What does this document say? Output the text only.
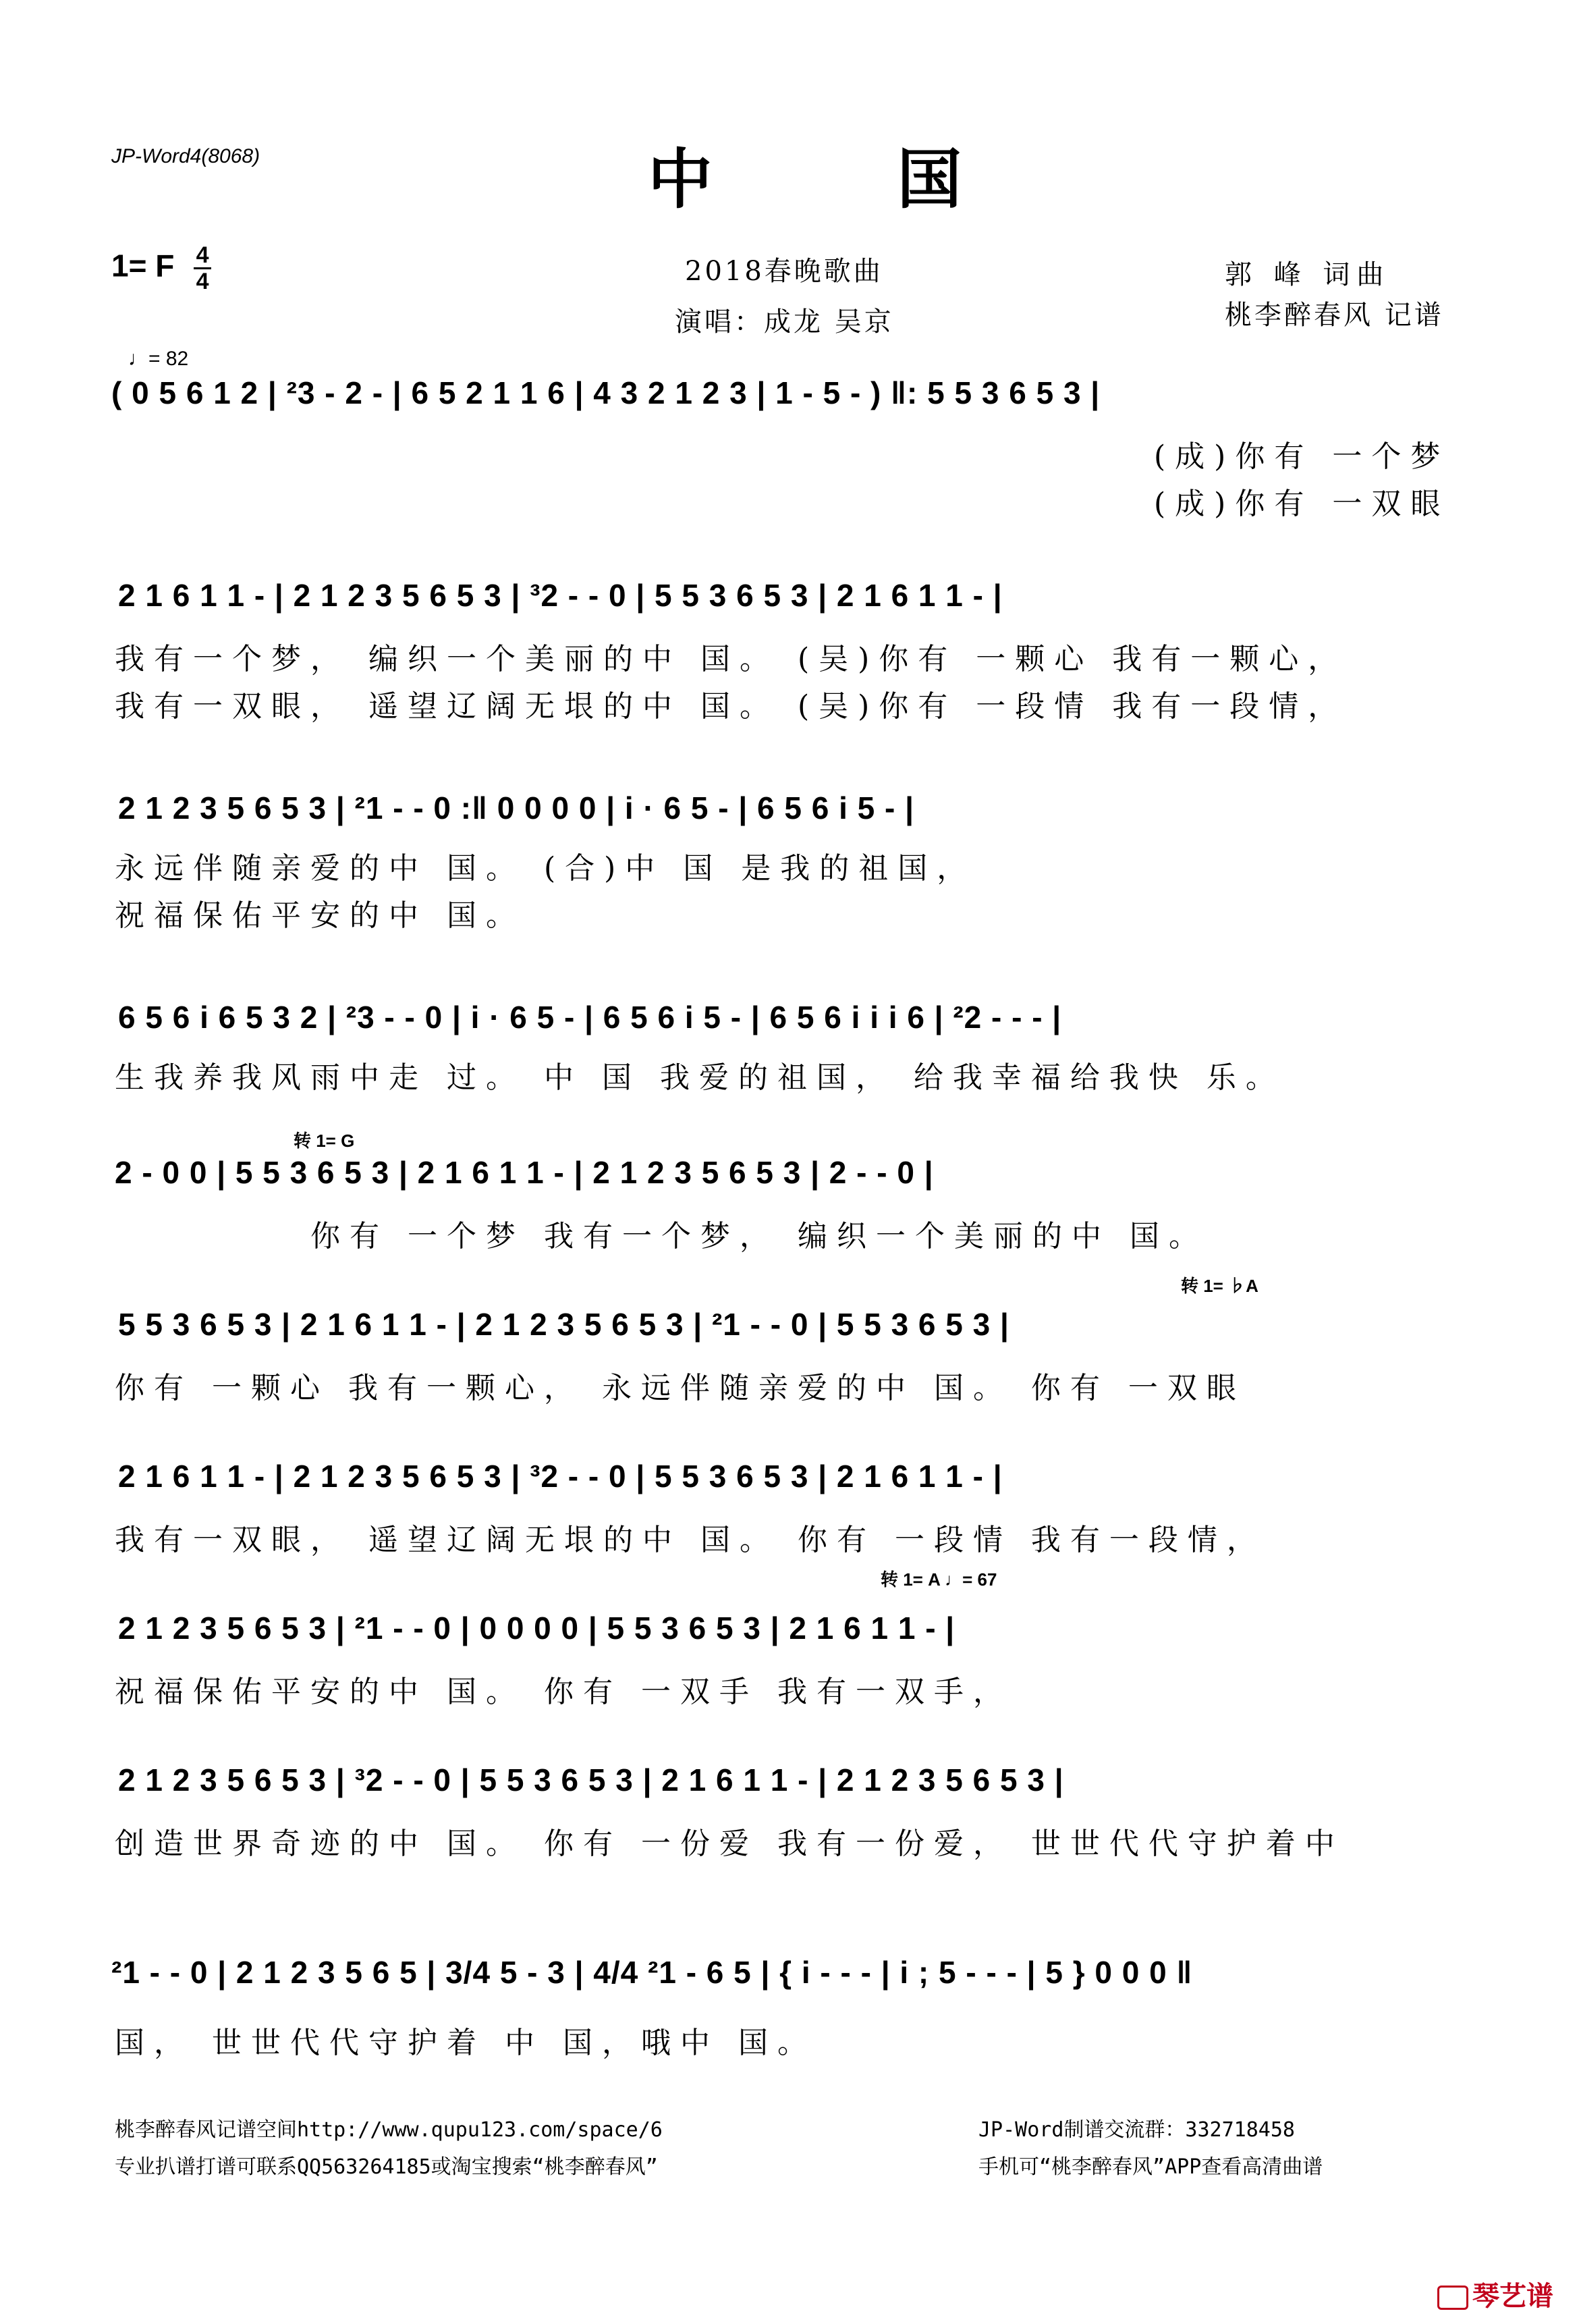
JP-Word4(8068)	中 国
1= F $\frac{4}{4}$	2018春晚歌曲
演唱：成龙 吴京
郭 峰 词曲
桃李醉春风 记谱
♩= 82
( 0 5 6 1 2 | ²3 - 2 - | 6 5 2 1 1 6 | 4 3 2 1 2 3 | 1 - 5 - ) ‖: 5 5 3 6 5 3 |
(成)你有 一个梦
(成)你有 一双眼
2 1 6 1 1 - | 2 1 2 3 5 6 5 3 | ³2 - - 0 | 5 5 3 6 5 3 | 2 1 6 1 1 - |
我有一个梦， 编织一个美丽的中 国。 (吴)你有 一颗心 我有一颗心，
我有一双眼， 遥望辽阔无垠的中 国。 (吴)你有 一段情 我有一段情，
2 1 2 3 5 6 5 3 | ²1 - - 0 :‖ 0 0 0 0 | i · 6 5 - | 6 5 6 i 5 - |
永远伴随亲爱的中 国。 (合)中 国 是我的祖国，
祝福保佑平安的中 国。
6 5 6 i 6 5 3 2 | ²3 - - 0 | i · 6 5 - | 6 5 6 i 5 - | 6 5 6 i i i 6 | ²2 - - - |
生我养我风雨中走 过。 中 国 我爱的祖国， 给我幸福给我快 乐。
转 1= G
2 - 0 0 | 5 5 3 6 5 3 | 2 1 6 1 1 - | 2 1 2 3 5 6 5 3 | 2 - - 0 |
你有 一个梦 我有一个梦， 编织一个美丽的中 国。
转 1= ♭A
5 5 3 6 5 3 | 2 1 6 1 1 - | 2 1 2 3 5 6 5 3 | ²1 - - 0 | 5 5 3 6 5 3 |
你有 一颗心 我有一颗心， 永远伴随亲爱的中 国。 你有 一双眼
2 1 6 1 1 - | 2 1 2 3 5 6 5 3 | ³2 - - 0 | 5 5 3 6 5 3 | 2 1 6 1 1 - |
我有一双眼， 遥望辽阔无垠的中 国。 你有 一段情 我有一段情，
转 1= A ♩= 67
2 1 2 3 5 6 5 3 | ²1 - - 0 | 0 0 0 0 | 5 5 3 6 5 3 | 2 1 6 1 1 - |
祝福保佑平安的中 国。 你有 一双手 我有一双手，
2 1 2 3 5 6 5 3 | ³2 - - 0 | 5 5 3 6 5 3 | 2 1 6 1 1 - | 2 1 2 3 5 6 5 3 |
创造世界奇迹的中 国。 你有 一份爱 我有一份爱， 世世代代守护着中
²1 - - 0 | 2 1 2 3 5 6 5 | 3/4 5 - 3 | 4/4 ²1 - 6 5 | { i - - - | i ; 5 - - - | 5 } 0 0 0 ‖
国， 世世代代守护着 中 国，哦中 国。
桃李醉春风记谱空间http://www.qupu123.com/space/6
专业扒谱打谱可联系QQ563264185或淘宝搜索“桃李醉春风”
JP-Word制谱交流群：332718458
手机可“桃李醉春风”APP查看高清曲谱
琴艺谱
